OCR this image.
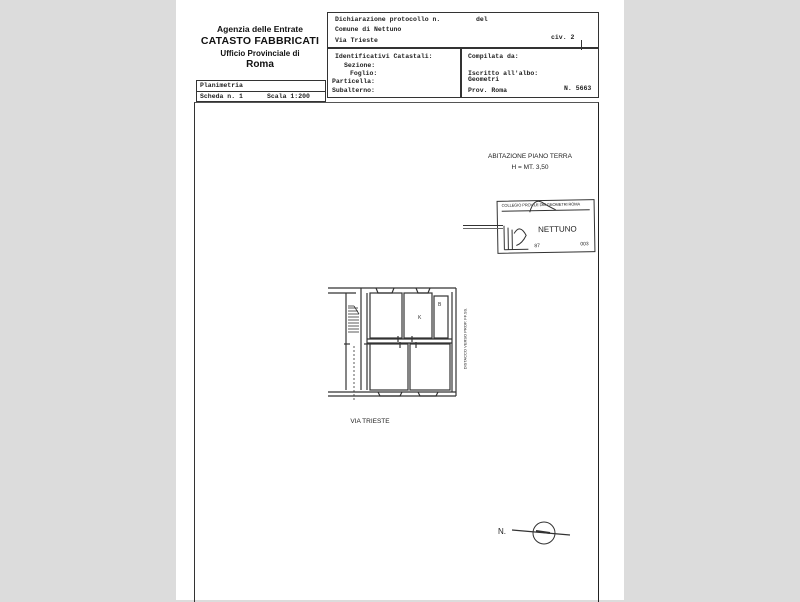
Agenzia delle Entrate
CATASTO FABBRICATI
Ufficio Provinciale di
Roma
Dichiarazione protocollo n.	del
Comune di Nettuno
Via Trieste	civ. 2
Identificativi Catastali:
Sezione:
Foglio:
Particella:
Subalterno:
Compilata da:
Iscritto all'albo:
Geometri
Prov. Roma	N. 5663
Planimetria
Scheda n. 1	Scala 1:200
ABITAZIONE PIANO TERRA
H = MT. 3,50
COLLEGIO PROV.LE DEI GEOMETRI ROMA
NETTUNO
003
87
K
B
DISTACCO VERSO PROP. FF.SS.
VIA TRIESTE
N.
